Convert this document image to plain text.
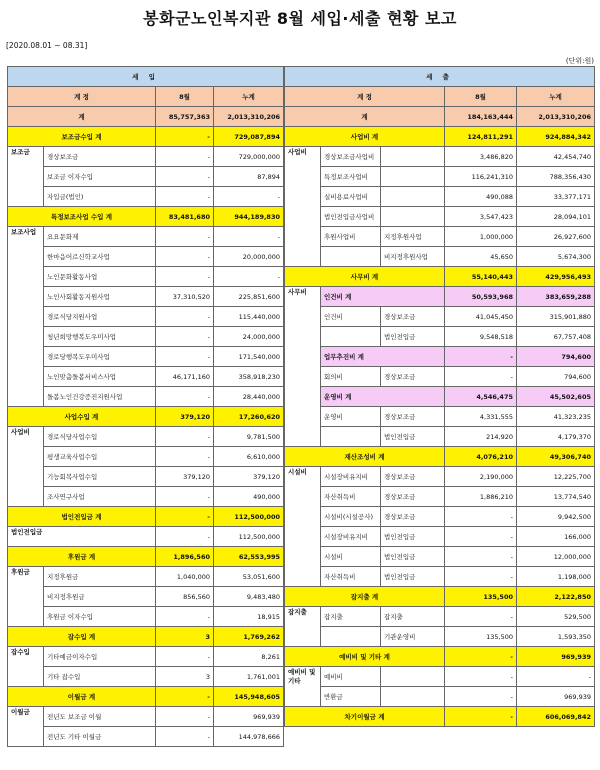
봉화군노인복지관 8월 세입·세출 현황 보고
[2020.08.01 ~ 08.31]
(단위:원)
세 입			
계 정		8월	누계
계		85,757,363	2,013,310,206
보조금수입 계		-	729,087,894
보조금	경상보조금	-	729,000,000
	보조금 이자수입	-	87,894
	자입금(법인)	-	-
특정보조사업 수입 계		83,481,680	944,189,830
보조사업	요요문화제	-	-
	한마음어르신학교사업	-	20,000,000
	노인문화활동사업	-	-
	노인사회활동지원사업	37,310,520	225,851,600
	경로식당지원사업	-	115,440,000
	청년희망행복도우미사업	-	24,000,000
	경로당행복도우미사업	-	171,540,000
	노인맞춤돌봄서비스사업	46,171,160	358,918,230
	돌봄노인건강증진지원사업	-	28,440,000
사업수입 계		379,120	17,260,620
사업비	경로식당사업수입	-	9,781,500
	평생교육사업수입	-	6,610,000
	기능회복사업수입	379,120	379,120
	조사연구사업	-	490,000
법인전입금 계		-	112,500,000
법인전입금		-	112,500,000
후원금 계		1,896,560	62,553,995
후원금	지정후원금	1,040,000	53,051,600
	비지정후원금	856,560	9,483,480
	후원금 이자수입	-	18,915
잡수입 계		3	1,769,262
잡수입	기타예금이자수입	-	8,261
	기타 잡수입	3	1,761,001
이월금 계		-	145,948,605
이월금	전년도 보조금 이월	-	969,939
	전년도 기타 이월금	-	144,978,666
세 출				
계 정			8월	누계
계			184,163,444	2,013,310,206
사업비 계			124,811,291	924,884,342
사업비	경상보조금사업비		3,486,820	42,454,740
	특정보조사업비		116,241,310	788,356,430
	실비용료사업비		490,088	33,377,171
	법인전입금사업비		3,547,423	28,094,101
	후원사업비	지정후원사업	1,000,000	26,927,600
		비지정후원사업	45,650	5,674,300
사무비 계			55,140,443	429,956,493
사무비	인건비 계		50,593,968	383,659,288
	인건비	경상보조금	41,045,450	315,901,880
		법인전입금	9,548,518	67,757,408
	업무추진비 계		-	794,600
	회의비	경상보조금	-	794,600
	운영비 계		4,546,475	45,502,605
	운영비	경상보조금	4,331,555	41,323,235
		법인전입금	214,920	4,179,370
재산조성비 계			4,076,210	49,306,740
시설비	시설장비유지비	경상보조금	2,190,000	12,225,700
	자산취득비	경상보조금	1,886,210	13,774,540
	시설비(시설공사)	경상보조금	-	9,942,500
	시설장비유지비	법인전입금	-	166,000
	시설비	법인전입금	-	12,000,000
	자산취득비	법인전입금	-	1,198,000
잡지출 계			135,500	2,122,850
잡지출	잡지출	잡지출	-	529,500
		기관운영비	135,500	1,593,350
예비비 및 기타 계			-	969,939
예비비 및기타	예비비		-	-
	반환금		-	969,939
차기이월금 계			-	606,069,842
